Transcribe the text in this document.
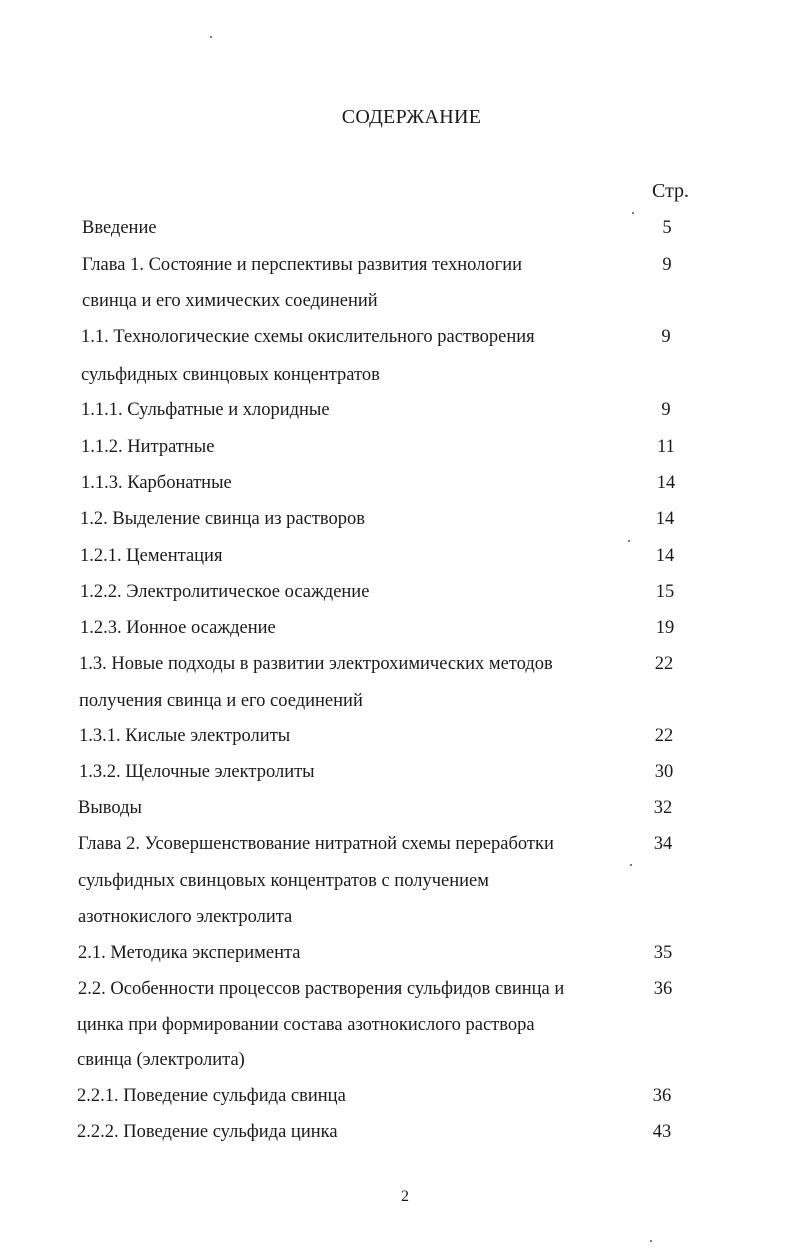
СОДЕРЖАНИЕ
Стр.
Введение	5
Глава 1. Состояние и перспективы развития технологии	9
свинца и его химических соединений
1.1. Технологические схемы окислительного растворения	9
сульфидных свинцовых концентратов
1.1.1. Сульфатные и хлоридные	9
1.1.2. Нитратные	11
1.1.3. Карбонатные	14
1.2. Выделение свинца из растворов	14
1.2.1. Цементация	14
1.2.2. Электролитическое осаждение	15
1.2.3. Ионное осаждение	19
1.3. Новые подходы в развитии электрохимических методов	22
получения свинца и его соединений
1.3.1. Кислые электролиты	22
1.3.2. Щелочные электролиты	30
Выводы	32
Глава 2. Усовершенствование нитратной схемы переработки	34
сульфидных свинцовых концентратов с получением
азотнокислого электролита
2.1. Методика эксперимента	35
2.2. Особенности процессов растворения сульфидов свинца и	36
цинка при формировании состава азотнокислого раствора
свинца (электролита)
2.2.1. Поведение сульфида свинца	36
2.2.2. Поведение сульфида цинка	43
2
